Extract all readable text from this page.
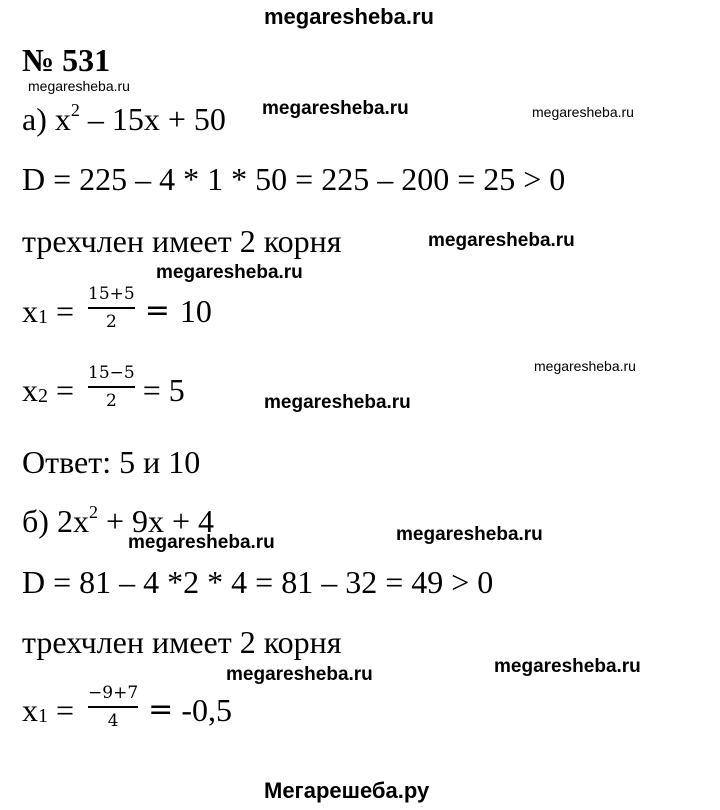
megaresheba.ru
№ 531
megaresheba.ru
а) $x^2 - 15x + 50$ megaresheba.ru	megaresheba.ru
D = 225 – 4 * 1 * 50 = 225 – 200 = 25 > 0
трехчлен имеет 2 корня	megaresheba.ru
megaresheba.ru
$x_1 = \frac{15+5}{2} = 10$
megaresheba.ru
$x_2 = \frac{15-5}{2} = 5$	megaresheba.ru
Ответ: 5 и 10
б) $2x^2 + 9x + 4$
megaresheba.ru	megaresheba.ru
D = 81 – 4 *2 * 4 = 81 – 32 = 49 > 0
трехчлен имеет 2 корня
megaresheba.ru	megaresheba.ru
$x_1 = \frac{-9+7}{4} = -0,5$
Мегарешеба.ру
